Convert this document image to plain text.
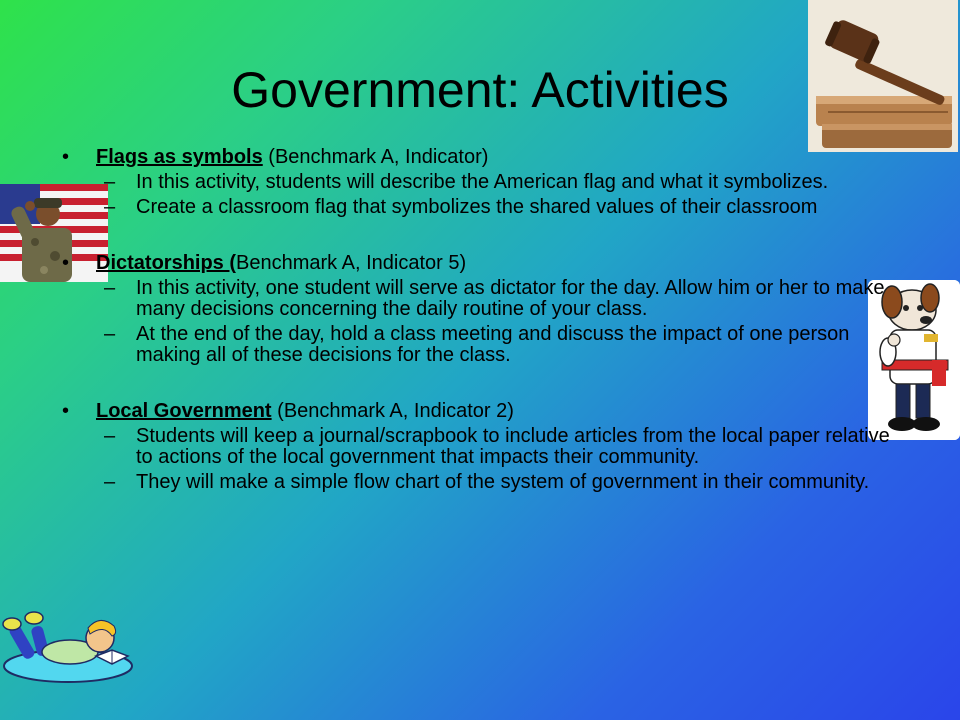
Government: Activities
•	Flags as symbols (Benchmark A, Indicator)
–	In this activity, students will describe the American flag and what it symbolizes.
–	Create a classroom flag that symbolizes the shared values of their classroom
•	Dictatorships (Benchmark A, Indicator 5)
–	In this activity, one student will serve as dictator for the day. Allow him or her to make many decisions concerning the daily routine of your class.
–	At the end of the day, hold a class meeting and discuss the impact of one person making all of these decisions for the class.
•	Local Government (Benchmark A, Indicator 2)
–	Students will keep a journal/scrapbook to include articles from the local paper relative to actions of the local government that impacts their community.
–	They will make a simple flow chart of the system of government in their community.
